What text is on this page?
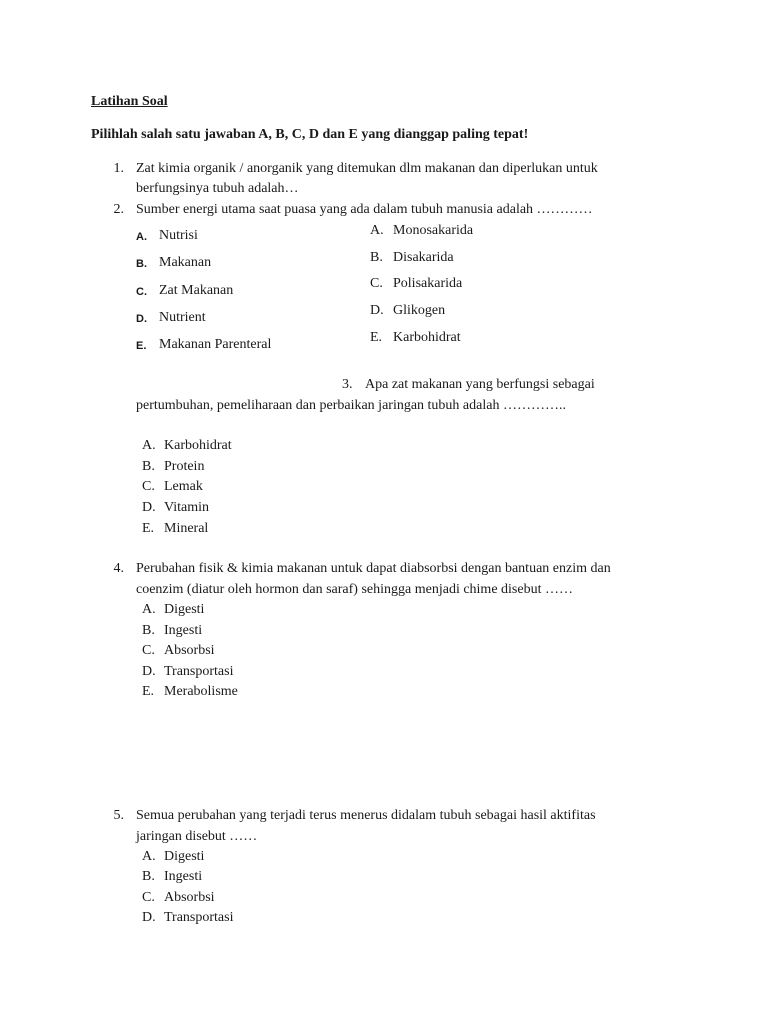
Latihan Soal
Pilihlah salah satu jawaban A, B, C, D dan E yang dianggap paling tepat!
1. Zat kimia organik / anorganik yang ditemukan dlm makanan dan diperlukan untuk
berfungsinya tubuh adalah…
2. Sumber energi utama saat puasa yang ada dalam tubuh manusia adalah …………
A. Nutrisi
B. Makanan
C. Zat Makanan
D. Nutrient
E. Makanan Parenteral
A. Monosakarida
B. Disakarida
C. Polisakarida
D. Glikogen
E. Karbohidrat
3. Apa zat makanan yang berfungsi sebagai
pertumbuhan, pemeliharaan dan perbaikan jaringan tubuh adalah …………..
A. Karbohidrat
B. Protein
C. Lemak
D. Vitamin
E. Mineral
4. Perubahan fisik & kimia makanan untuk dapat diabsorbsi dengan bantuan enzim dan
coenzim (diatur oleh hormon dan saraf) sehingga menjadi chime disebut ……
A. Digesti
B. Ingesti
C. Absorbsi
D. Transportasi
E. Merabolisme
5. Semua perubahan yang terjadi terus menerus didalam tubuh sebagai hasil aktifitas
jaringan disebut ……
A. Digesti
B. Ingesti
C. Absorbsi
D. Transportasi
